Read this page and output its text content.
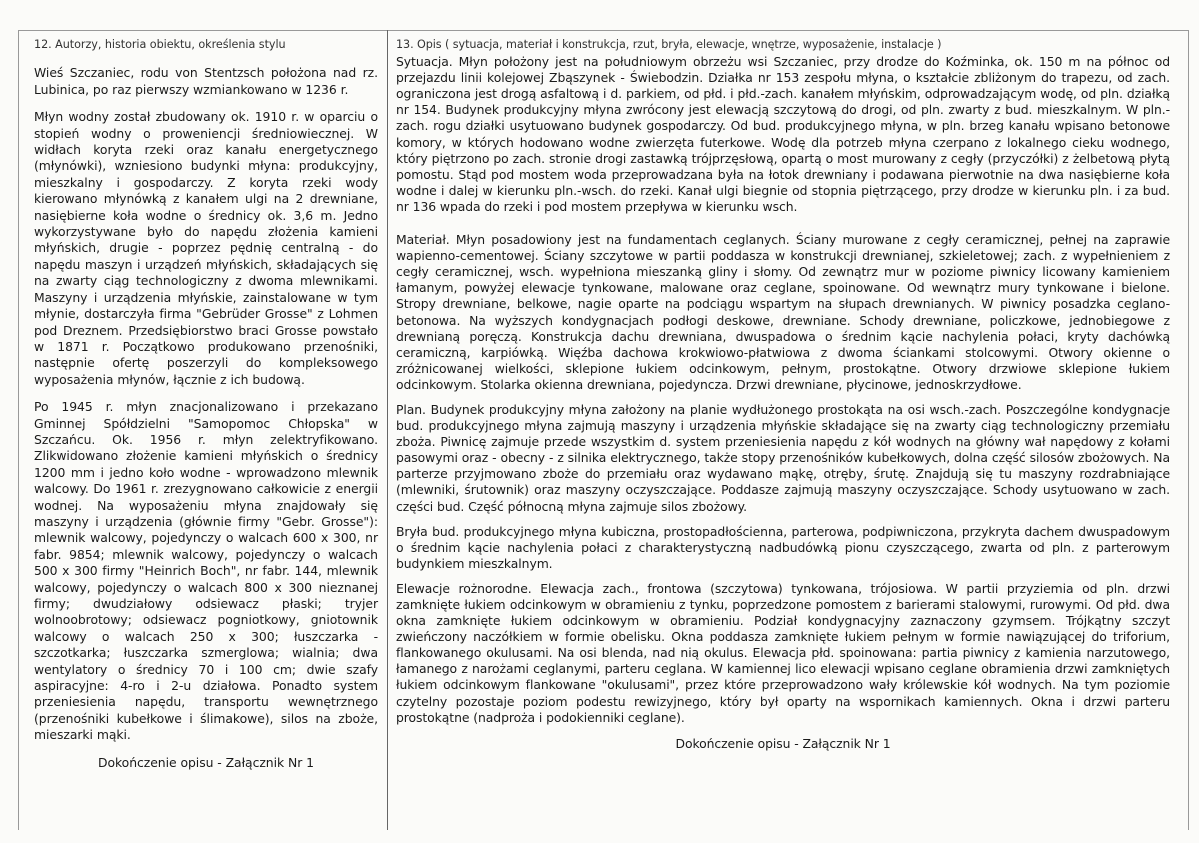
12. Autorzy, historia obiektu, określenia stylu

Wieś Szczaniec, rodu von Stentzsch położona nad rz. Lubinica, po raz pierwszy wzmiankowano w 1236 r.

Młyn wodny został zbudowany ok. 1910 r. w oparciu o stopień wodny o proweniencji średniowiecznej. W widłach koryta rzeki oraz kanału energetycznego (młynówki), wzniesiono budynki młyna: produkcyjny, mieszkalny i gospodarczy. Z koryta rzeki wody kierowano młynówką z kanałem ulgi na 2 drewniane, nasiębierne koła wodne o średnicy ok. 3,6 m. Jedno wykorzystywane było do napędu złożenia kamieni młyńskich, drugie - poprzez pędnię centralną - do napędu maszyn i urządzeń młyńskich, składających się na zwarty ciąg technologiczny z dwoma mlewnikami. Maszyny i urządzenia młyńskie, zainstalowane w tym młynie, dostarczyła firma "Gebrüder Grosse" z Lohmen pod Dreznem. Przedsiębiorstwo braci Grosse powstało w 1871 r. Początkowo produkowano przenośniki, następnie ofertę poszerzyli do kompleksowego wyposażenia młynów, łącznie z ich budową.

Po 1945 r. młyn znacjonalizowano i przekazano Gminnej Spółdzielni "Samopomoc Chłopska" w Szczańcu. Ok. 1956 r. młyn zelektryfikowano. Zlikwidowano złożenie kamieni młyńskich o średnicy 1200 mm i jedno koło wodne - wprowadzono mlewnik walcowy. Do 1961 r. zrezygnowano całkowicie z energii wodnej. Na wyposażeniu młyna znajdowały się maszyny i urządzenia (głównie firmy "Gebr. Grosse"): mlewnik walcowy, pojedynczy o walcach 600 x 300, nr fabr. 9854; mlewnik walcowy, pojedynczy o walcach 500 x 300 firmy "Heinrich Boch", nr fabr. 144, mlewnik walcowy, pojedynczy o walcach 800 x 300 nieznanej firmy; dwudziałowy odsiewacz płaski; tryjer wolnoobrotowy; odsiewacz pogniotkowy, gniotownik walcowy o walcach 250 x 300; łuszczarka - szczotkarka; łuszczarka szmerglowa; wialnia; dwa wentylatory o średnicy 70 i 100 cm; dwie szafy aspiracyjne: 4-ro i 2-u działowa. Ponadto system przeniesienia napędu, transportu wewnętrznego (przenośniki kubełkowe i ślimakowe), silos na zboże, mieszarki mąki.

Dokończenie opisu - Załącznik Nr 1
13. Opis ( sytuacja, materiał i konstrukcja, rzut, bryła, elewacje, wnętrze, wyposażenie, instalacje )

Sytuacja. Młyn położony jest na południowym obrzeżu wsi Szczaniec, przy drodze do Koźminka, ok. 150 m na północ od przejazdu linii kolejowej Zbąszynek - Świebodzin. Działka nr 153 zespołu młyna, o kształcie zbliżonym do trapezu, od zach. ograniczona jest drogą asfaltową i d. parkiem, od płd. i płd.-zach. kanałem młyńskim, odprowadzającym wodę, od pln. działką nr 154. Budynek produkcyjny młyna zwrócony jest elewacją szczytową do drogi, od pln. zwarty z bud. mieszkalnym. W pln.-zach. rogu działki usytuowano budynek gospodarczy. Od bud. produkcyjnego młyna, w pln. brzeg kanału wpisano betonowe komory, w których hodowano wodne zwierzęta futerkowe. Wodę dla potrzeb młyna czerpano z lokalnego cieku wodnego, który piętrzono po zach. stronie drogi zastawką trójprzęsłową, opartą o most murowany z cegły (przyczółki) z żelbetową płytą pomostu. Stąd pod mostem woda przeprowadzana była na łotok drewniany i podawana pierwotnie na dwa nasiębierne koła wodne i dalej w kierunku pln.-wsch. do rzeki. Kanał ulgi biegnie od stopnia piętrzącego, przy drodze w kierunku pln. i za bud. nr 136 wpada do rzeki i pod mostem przepływa w kierunku wsch.

Materiał. Młyn posadowiony jest na fundamentach ceglanych. Ściany murowane z cegły ceramicznej, pełnej na zaprawie wapienno-cementowej. Ściany szczytowe w partii poddasza w konstrukcji drewnianej, szkieletowej; zach. z wypełnieniem z cegły ceramicznej, wsch. wypełniona mieszanką gliny i słomy. Od zewnątrz mur w poziome piwnicy licowany kamieniem łamanym, powyżej elewacje tynkowane, malowane oraz ceglane, spoinowane. Od wewnątrz mury tynkowane i bielone. Stropy drewniane, belkowe, nagie oparte na podciągu wspartym na słupach drewnianych. W piwnicy posadzka ceglano-betonowa. Na wyższych kondygnacjach podłogi deskowe, drewniane. Schody drewniane, policzkowe, jednobiegowe z drewnianą poręczą. Konstrukcja dachu drewniana, dwuspadowa o średnim kącie nachylenia połaci, kryty dachówką ceramiczną, karpiówką. Więźba dachowa krokwiowo-płatwiowa z dwoma ściankami stolcowymi. Otwory okienne o zróżnicowanej wielkości, sklepione łukiem odcinkowym, pełnym, prostokątne. Otwory drzwiowe sklepione łukiem odcinkowym. Stolarka okienna drewniana, pojedyncza. Drzwi drewniane, płycinowe, jednoskrzydłowe.

Plan. Budynek produkcyjny młyna założony na planie wydłużonego prostokąta na osi wsch.-zach. Poszczególne kondygnacje bud. produkcyjnego młyna zajmują maszyny i urządzenia młyńskie składające się na zwarty ciąg technologiczny przemiału zboża. Piwnicę zajmuje przede wszystkim d. system przeniesienia napędu z kół wodnych na główny wał napędowy z kołami pasowymi oraz - obecny - z silnika elektrycznego, także stopy przenośników kubełkowych, dolna część silosów zbożowych. Na parterze przyjmowano zboże do przemiału oraz wydawano mąkę, otręby, śrutę. Znajdują się tu maszyny rozdrabniające (mlewniki, śrutownik) oraz maszyny oczyszczające. Poddasze zajmują maszyny oczyszczające. Schody usytuowano w zach. części bud. Część północną młyna zajmuje silos zbożowy.

Bryła bud. produkcyjnego młyna kubiczna, prostopadłościenna, parterowa, podpiwniczona, przykryta dachem dwuspadowym o średnim kącie nachylenia połaci z charakterystyczną nadbudówką pionu czyszczącego, zwarta od pln. z parterowym budynkiem mieszkalnym.

Elewacje rożnorodne. Elewacja zach., frontowa (szczytowa) tynkowana, trójosiowa. W partii przyziemia od pln. drzwi zamknięte łukiem odcinkowym w obramieniu z tynku, poprzedzone pomostem z barierami stalowymi, rurowymi. Od płd. dwa okna zamknięte łukiem odcinkowym w obramieniu. Podział kondygnacyjny zaznaczony gzymsem. Trójkątny szczyt zwieńczony naczółkiem w formie obelisku. Okna poddasza zamknięte łukiem pełnym w formie nawiązującej do triforium, flankowanego okulusami. Na osi blenda, nad nią okulus. Elewacja płd. spoinowana: partia piwnicy z kamienia narzutowego, łamanego z narożami ceglanymi, parteru ceglana. W kamiennej lico elewacji wpisano ceglane obramienia drzwi zamkniętych łukiem odcinkowym flankowane "okulusami", przez które przeprowadzono wały królewskie kół wodnych. Na tym poziomie czytelny pozostaje poziom podestu rewizyjnego, który był oparty na wspornikach kamiennych. Okna i drzwi parteru prostokątne (nadproża i podokienniki ceglane).

Dokończenie opisu - Załącznik Nr 1
